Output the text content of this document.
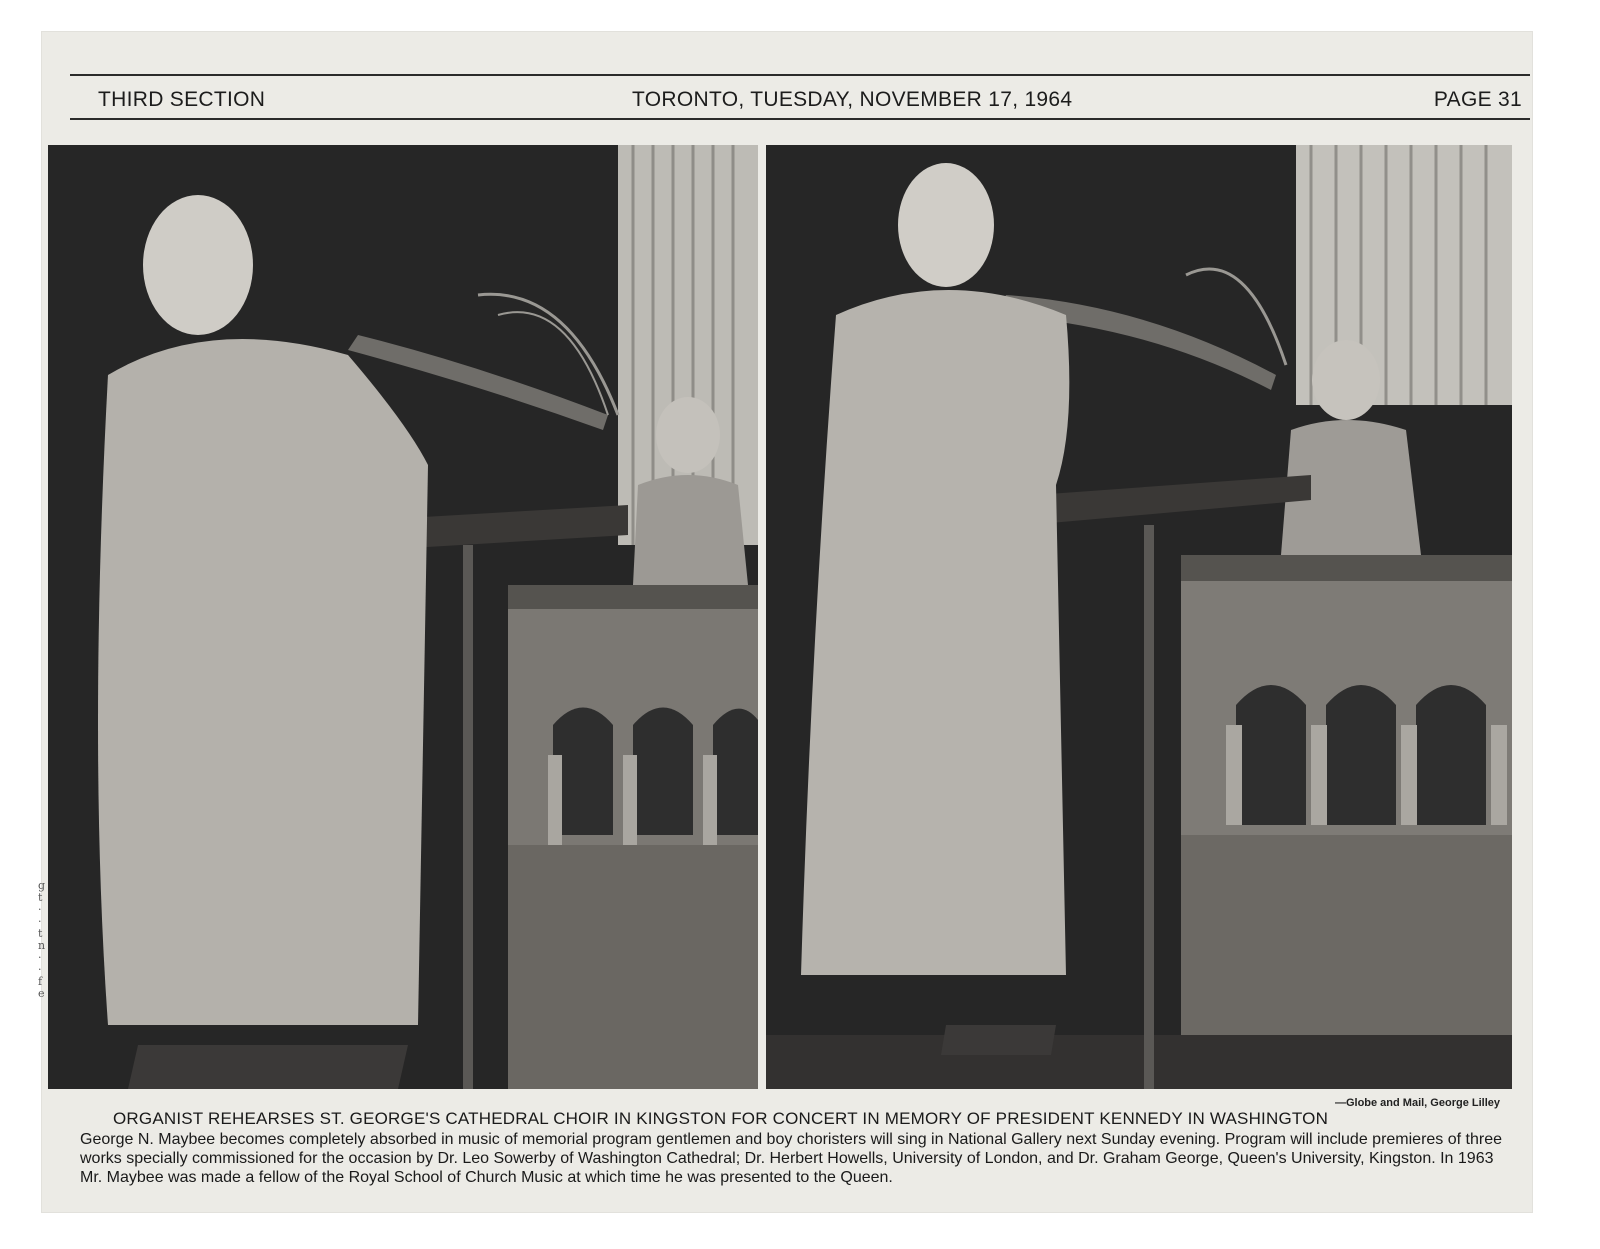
THIRD SECTION	TORONTO, TUESDAY, NOVEMBER 17, 1964	PAGE 31
g
t
·
·
t
n
·
·
f
e
—Globe and Mail, George Lilley
ORGANIST REHEARSES ST. GEORGE'S CATHEDRAL CHOIR IN KINGSTON FOR CONCERT IN MEMORY OF PRESIDENT KENNEDY IN WASHINGTON
George N. Maybee becomes completely absorbed in music of memorial program gentlemen and boy choristers will sing in National Gallery next Sunday evening. Program will include premieres of three works specially commissioned for the occasion by Dr. Leo Sowerby of Washington Cathedral; Dr. Herbert Howells, University of London, and Dr. Graham George, Queen's University, Kingston. In 1963 Mr. Maybee was made a fellow of the Royal School of Church Music at which time he was presented to the Queen.
